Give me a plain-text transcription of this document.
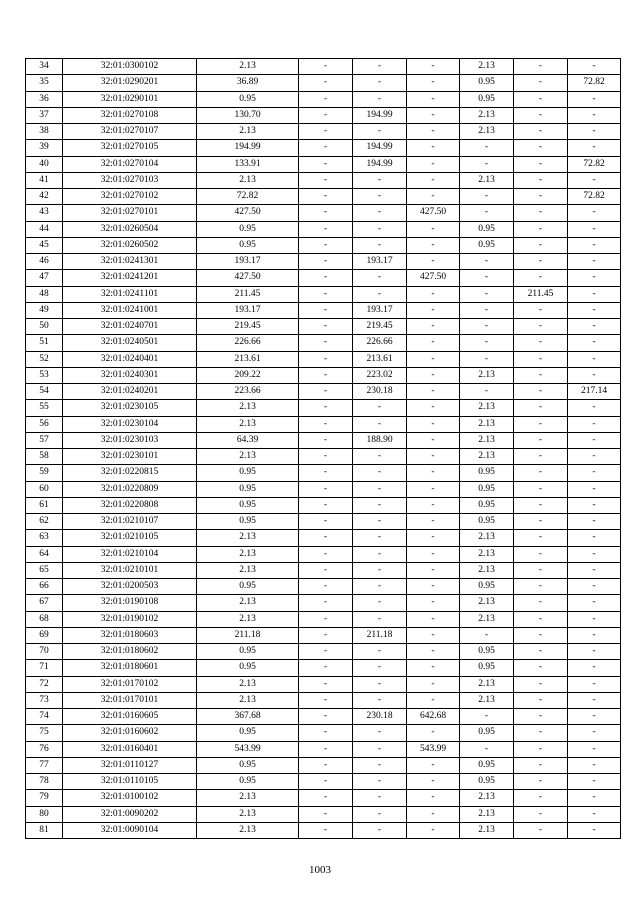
34	32:01:0300102	2.13	-	-	-	2.13	-	-
35	32:01:0290201	36.89	-	-	-	0.95	-	72.82
36	32:01:0290101	0.95	-	-	-	0.95	-	-
37	32:01:0270108	130.70	-	194.99	-	2.13	-	-
38	32:01:0270107	2.13	-	-	-	2.13	-	-
39	32:01:0270105	194.99	-	194.99	-	-	-	-
40	32:01:0270104	133.91	-	194.99	-	-	-	72.82
41	32:01:0270103	2.13	-	-	-	2.13	-	-
42	32:01:0270102	72.82	-	-	-	-	-	72.82
43	32:01:0270101	427.50	-	-	427.50	-	-	-
44	32:01:0260504	0.95	-	-	-	0.95	-	-
45	32:01:0260502	0.95	-	-	-	0.95	-	-
46	32:01:0241301	193.17	-	193.17	-	-	-	-
47	32:01:0241201	427.50	-	-	427.50	-	-	-
48	32:01:0241101	211.45	-	-	-	-	211.45	-
49	32:01:0241001	193.17	-	193.17	-	-	-	-
50	32:01:0240701	219.45	-	219.45	-	-	-	-
51	32:01:0240501	226.66	-	226.66	-	-	-	-
52	32:01:0240401	213.61	-	213.61	-	-	-	-
53	32:01:0240301	209.22	-	223.02	-	2.13	-	-
54	32:01:0240201	223.66	-	230.18	-	-	-	217.14
55	32:01:0230105	2.13	-	-	-	2.13	-	-
56	32:01:0230104	2.13	-	-	-	2.13	-	-
57	32:01:0230103	64.39	-	188.90	-	2.13	-	-
58	32:01:0230101	2.13	-	-	-	2.13	-	-
59	32:01:0220815	0.95	-	-	-	0.95	-	-
60	32:01:0220809	0.95	-	-	-	0.95	-	-
61	32:01:0220808	0.95	-	-	-	0.95	-	-
62	32:01:0210107	0.95	-	-	-	0.95	-	-
63	32:01:0210105	2.13	-	-	-	2.13	-	-
64	32:01:0210104	2.13	-	-	-	2.13	-	-
65	32:01:0210101	2.13	-	-	-	2.13	-	-
66	32:01:0200503	0.95	-	-	-	0.95	-	-
67	32:01:0190108	2.13	-	-	-	2.13	-	-
68	32:01:0190102	2.13	-	-	-	2.13	-	-
69	32:01:0180603	211.18	-	211.18	-	-	-	-
70	32:01:0180602	0.95	-	-	-	0.95	-	-
71	32:01:0180601	0.95	-	-	-	0.95	-	-
72	32:01:0170102	2.13	-	-	-	2.13	-	-
73	32:01:0170101	2.13	-	-	-	2.13	-	-
74	32:01:0160605	367.68	-	230.18	642.68	-	-	-
75	32:01:0160602	0.95	-	-	-	0.95	-	-
76	32:01:0160401	543.99	-	-	543.99	-	-	-
77	32:01:0110127	0.95	-	-	-	0.95	-	-
78	32:01:0110105	0.95	-	-	-	0.95	-	-
79	32:01:0100102	2.13	-	-	-	2.13	-	-
80	32:01:0090202	2.13	-	-	-	2.13	-	-
81	32:01:0090104	2.13	-	-	-	2.13	-	-
1003
